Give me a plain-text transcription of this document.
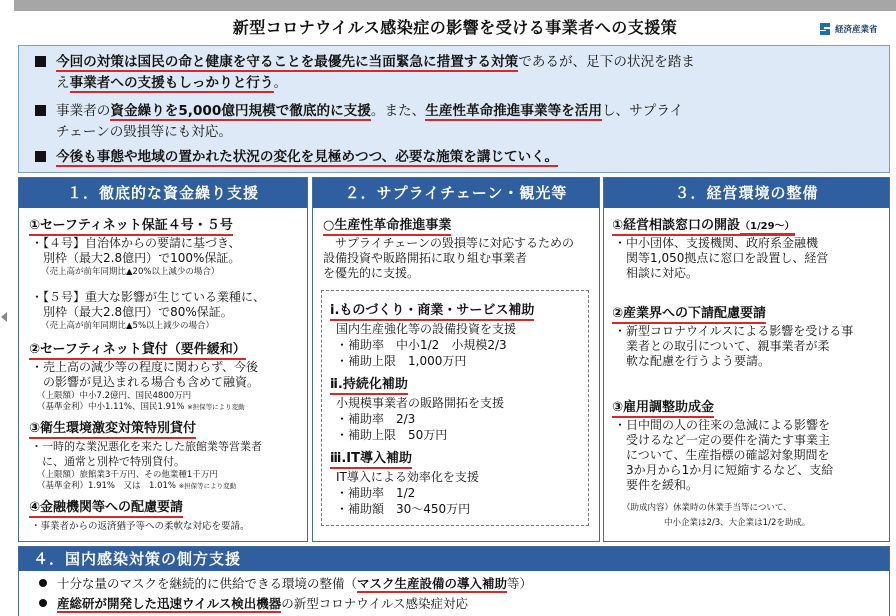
新型コロナウイルス感染症の影響を受ける事業者への支援策	経済産業省
今回の対策は国民の命と健康を守ることを最優先に当面緊急に措置する対策であるが、足下の状況を踏ま
え事業者への支援もしっかりと行う。
事業者の資金繰りを5,000億円規模で徹底的に支援。また、生産性革命推進事業等を活用し、サプライ
チェーンの毀損等にも対応。
今後も事態や地域の置かれた状況の変化を見極めつつ、必要な施策を講じていく。
１．徹底的な資金繰り支援
①セーフティネット保証４号・５号
・【４号】自治体からの要請に基づき、
　別枠（最大2.8億円）で100%保証。
（売上高が前年同期比▲20%以上減少の場合）
・【５号】重大な影響が生じている業種に、
　別枠（最大2.8億円）で80%保証。
（売上高が前年同期比▲5%以上減少の場合）
②セーフティネット貸付（要件緩和）
・売上高の減少等の程度に関わらず、今後
　の影響が見込まれる場合も含めて融資。
（上限額）中小7.2億円、国民4800万円
（基準金利）中小1.11%、国民1.91% ※担保等により変動
③衛生環境激変対策特別貸付
・一時的な業況悪化を来たした旅館業等営業者
　に、通常と別枠で特別貸付。
（上限額）旅館業3千万円、その他業種1千万円
（基準金利）1.91%　又は　1.01% ※担保等により変動
④金融機関等への配慮要請
・事業者からの返済猶予等への柔軟な対応を要請。
２．サプライチェーン・観光等
○生産性革命推進事業
サプライチェーンの毀損等に対応するための
設備投資や販路開拓に取り組む事業者
を優先的に支援。
ⅰ.ものづくり・商業・サービス補助
国内生産強化等の設備投資を支援
・補助率　中小1/2　小規模2/3
・補助上限　1,000万円
ⅱ.持続化補助
小規模事業者の販路開拓を支援
・補助率　2/3
・補助上限　50万円
ⅲ.IT導入補助
IT導入による効率化を支援
・補助率　1/2
・補助額　30～450万円
３．経営環境の整備
①経営相談窓口の開設（1/29～）
・中小団体、支援機関、政府系金融機
　関等1,050拠点に窓口を設置し、経営
　相談に対応。
②産業界への下請配慮要請
・新型コロナウイルスによる影響を受ける事
　業者との取引について、親事業者が柔
　軟な配慮を行うよう要請。
③雇用調整助成金
・日中間の人の往来の急減による影響を
　受けるなど一定の要件を満たす事業主
　について、生産指標の確認対象期間を
　3か月から1か月に短縮するなど、支給
　要件を緩和。
（助成内容）休業時の休業手当等について、
中小企業は2/3、大企業は1/2を助成。
４．国内感染対策の側方支援
十分な量のマスクを継続的に供給できる環境の整備（マスク生産設備の導入補助等）
産総研が開発した迅速ウイルス検出機器の新型コロナウイルス感染症対応
